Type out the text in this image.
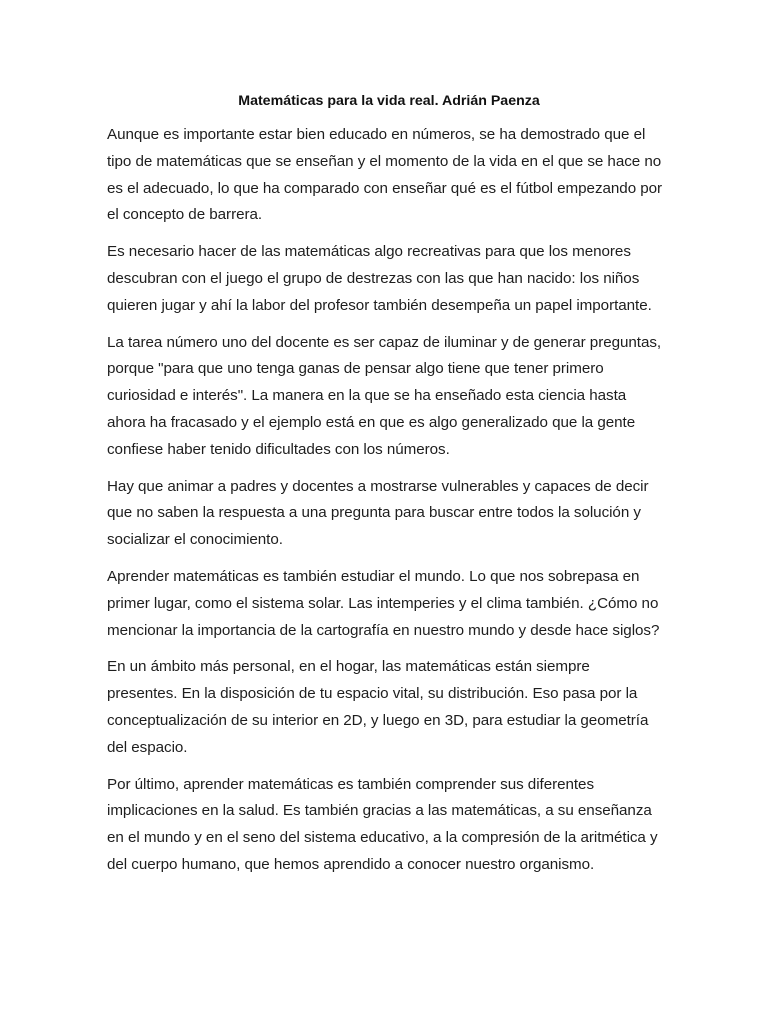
Matemáticas para la vida real. Adrián Paenza

Aunque es importante estar bien educado en números, se ha demostrado que el tipo de matemáticas que se enseñan y el momento de la vida en el que se hace no es el adecuado, lo que ha comparado con enseñar qué es el fútbol empezando por el concepto de barrera.

Es necesario hacer de las matemáticas algo recreativas para que los menores descubran con el juego el grupo de destrezas con las que han nacido: los niños quieren jugar y ahí la labor del profesor también desempeña un papel importante.

La tarea número uno del docente es ser capaz de iluminar y de generar preguntas, porque "para que uno tenga ganas de pensar algo tiene que tener primero curiosidad e interés". La manera en la que se ha enseñado esta ciencia hasta ahora ha fracasado y el ejemplo está en que es algo generalizado que la gente confiese haber tenido dificultades con los números.

Hay que animar a padres y docentes a mostrarse vulnerables y capaces de decir que no saben la respuesta a una pregunta para buscar entre todos la solución y socializar el conocimiento.

Aprender matemáticas es también estudiar el mundo. Lo que nos sobrepasa en primer lugar, como el sistema solar. Las intemperies y el clima también. ¿Cómo no mencionar la importancia de la cartografía en nuestro mundo y desde hace siglos?

En un ámbito más personal, en el hogar, las matemáticas están siempre presentes. En la disposición de tu espacio vital, su distribución. Eso pasa por la conceptualización de su interior en 2D, y luego en 3D, para estudiar la geometría del espacio.

Por último, aprender matemáticas es también comprender sus diferentes implicaciones en la salud. Es también gracias a las matemáticas, a su enseñanza en el mundo y en el seno del sistema educativo, a la compresión de la aritmética y del cuerpo humano, que hemos aprendido a conocer nuestro organismo.
